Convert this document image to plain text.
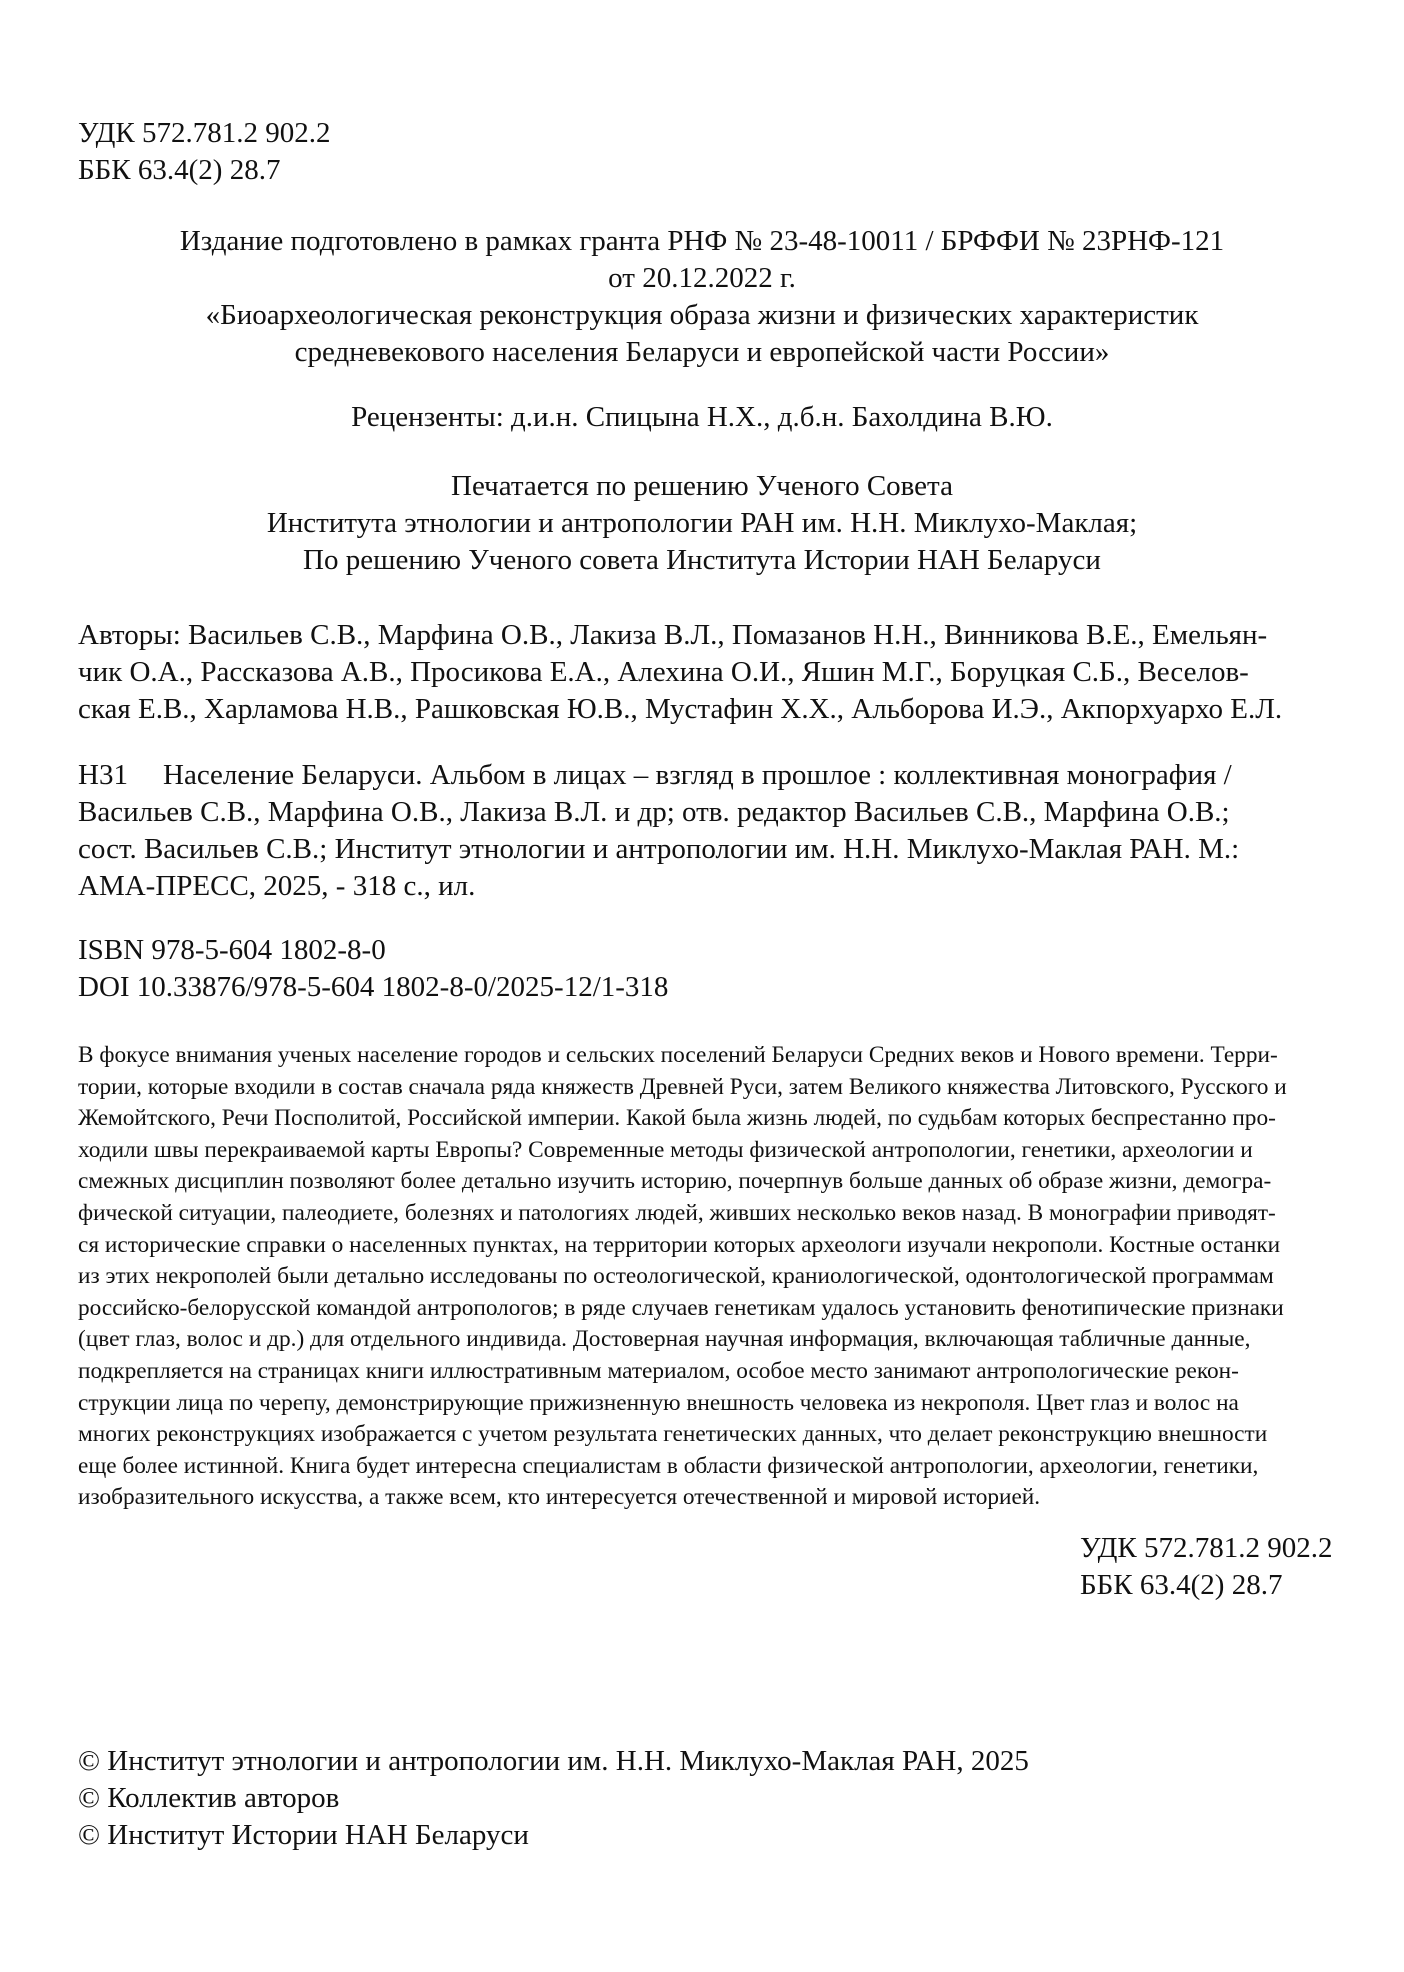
УДК 572.781.2 902.2
ББК 63.4(2) 28.7
Издание подготовлено в рамках гранта РНФ № 23-48-10011 / БРФФИ № 23РНФ-121
от 20.12.2022 г.
«Биоархеологическая реконструкция образа жизни и физических характеристик
средневекового населения Беларуси и европейской части России»
Рецензенты: д.и.н. Спицына Н.Х., д.б.н. Бахолдина В.Ю.
Печатается по решению Ученого Совета
Института этнологии и антропологии РАН им. Н.Н. Миклухо-Маклая;
По решению Ученого совета Института Истории НАН Беларуси
Авторы: Васильев С.В., Марфина О.В., Лакиза В.Л., Помазанов Н.Н., Винникова В.Е., Емельян-
чик О.А., Рассказова А.В., Просикова Е.А., Алехина О.И., Яшин М.Г., Боруцкая С.Б., Веселов-
ская Е.В., Харламова Н.В., Рашковская Ю.В., Мустафин Х.Х., Альборова И.Э., Акпорхуархо Е.Л.
Н31 Население Беларуси. Альбом в лицах – взгляд в прошлое : коллективная монография /
Васильев С.В., Марфина О.В., Лакиза В.Л. и др; отв. редактор Васильев С.В., Марфина О.В.;
сост. Васильев С.В.; Институт этнологии и антропологии им. Н.Н. Миклухо-Маклая РАН. М.:
АМА-ПРЕСС, 2025, - 318 с., ил.
ISBN 978-5-604 1802-8-0
DOI 10.33876/978-5-604 1802-8-0/2025-12/1-318
В фокусе внимания ученых население городов и сельских поселений Беларуси Средних веков и Нового времени. Терри-
тории, которые входили в состав сначала ряда княжеств Древней Руси, затем Великого княжества Литовского, Русского и
Жемойтского, Речи Посполитой, Российской империи. Какой была жизнь людей, по судьбам которых беспрестанно про-
ходили швы перекраиваемой карты Европы? Современные методы физической антропологии, генетики, археологии и
смежных дисциплин позволяют более детально изучить историю, почерпнув больше данных об образе жизни, демогра-
фической ситуации, палеодиете, болезнях и патологиях людей, живших несколько веков назад. В монографии приводят-
ся исторические справки о населенных пунктах, на территории которых археологи изучали некрополи. Костные останки
из этих некрополей были детально исследованы по остеологической, краниологической, одонтологической программам
российско-белорусской командой антропологов; в ряде случаев генетикам удалось установить фенотипические признаки
(цвет глаз, волос и др.) для отдельного индивида. Достоверная научная информация, включающая табличные данные,
подкрепляется на страницах книги иллюстративным материалом, особое место занимают антропологические рекон-
струкции лица по черепу, демонстрирующие прижизненную внешность человека из некрополя. Цвет глаз и волос на
многих реконструкциях изображается с учетом результата генетических данных, что делает реконструкцию внешности
еще более истинной. Книга будет интересна специалистам в области физической антропологии, археологии, генетики,
изобразительного искусства, а также всем, кто интересуется отечественной и мировой историей.
УДК 572.781.2 902.2
ББК 63.4(2) 28.7
© Институт этнологии и антропологии им. Н.Н. Миклухо-Маклая РАН, 2025
© Коллектив авторов
© Институт Истории НАН Беларуси
